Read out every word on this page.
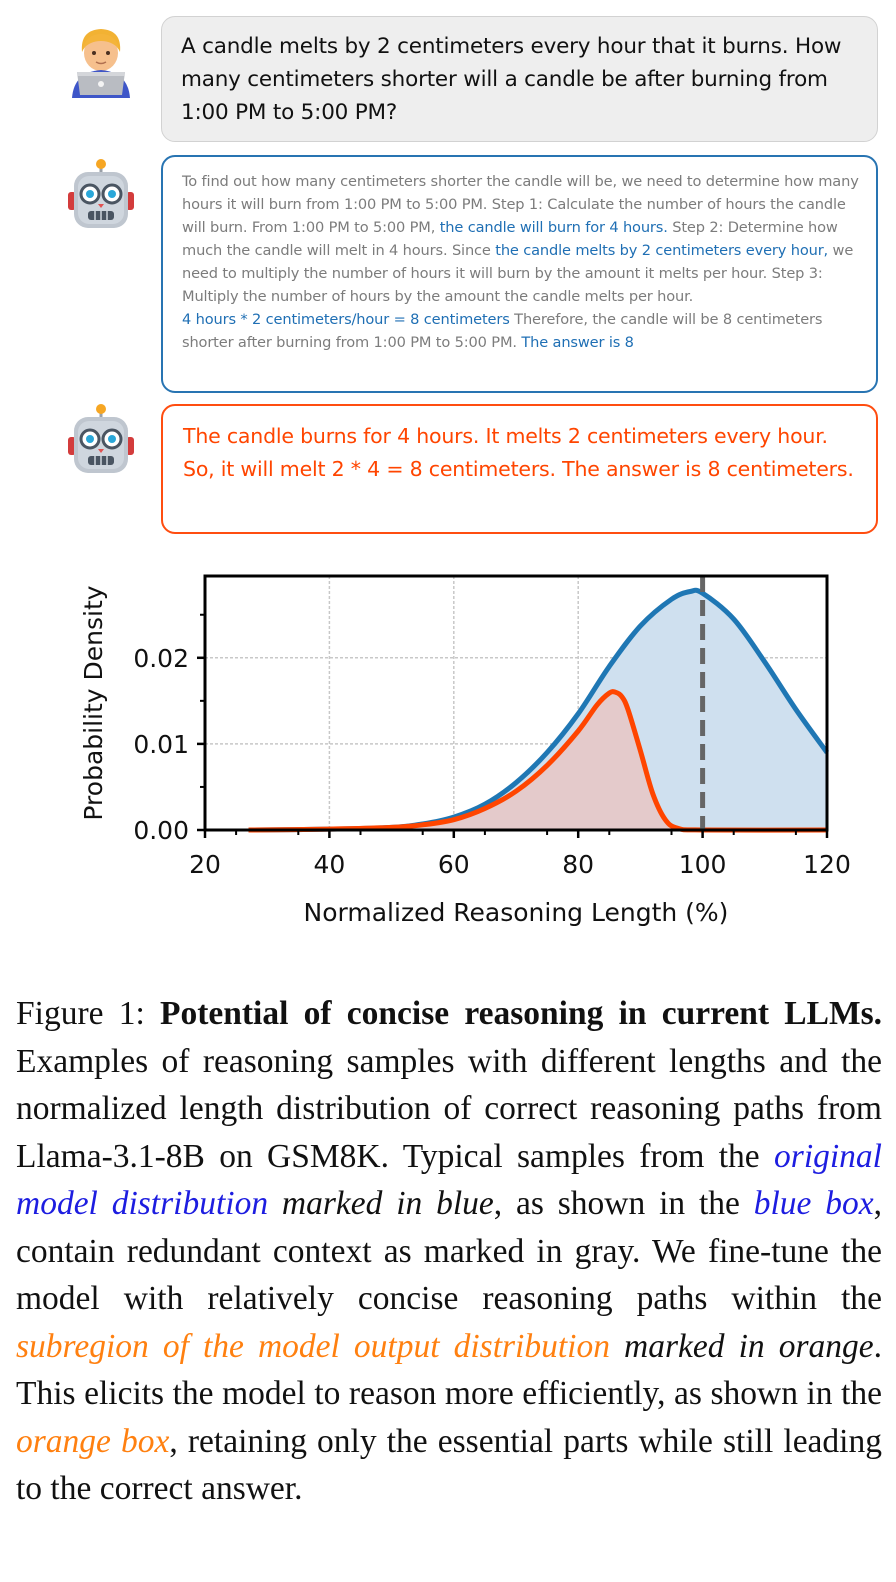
A candle melts by 2 centimeters every hour that it burns. How many centimeters shorter will a candle be after burning from 1:00 PM to 5:00 PM?
To find out how many centimeters shorter the candle will be, we need to determine how many hours it will burn from 1:00 PM to 5:00 PM. Step 1: Calculate the number of hours the candle will burn. From 1:00 PM to 5:00 PM, the candle will burn for 4 hours. Step 2: Determine how much the candle will melt in 4 hours. Since the candle melts by 2 centimeters every hour, we need to multiply the number of hours it will burn by the amount it melts per hour. Step 3: Multiply the number of hours by the amount the candle melts per hour.
4 hours * 2 centimeters/hour = 8 centimeters Therefore, the candle will be 8 centimeters shorter after burning from 1:00 PM to 5:00 PM. The answer is 8
The candle burns for 4 hours. It melts 2 centimeters every hour. So, it will melt 2 * 4 = 8 centimeters. The answer is 8 centimeters.
20	40	60	80	100	120
0.00
0.01
0.02
Normalized Reasoning Length (%)
Probability Density
Figure 1: Potential of concise reasoning in current LLMs. Examples of reasoning samples with different lengths and the normalized length distribution of correct reasoning paths from Llama-3.1-8B on GSM8K. Typical samples from the original model distribution marked in blue, as shown in the blue box, contain redundant context as marked in gray. We fine-tune the model with relatively concise reasoning paths within the subregion of the model output distribution marked in orange. This elicits the model to reason more efficiently, as shown in the orange box, retaining only the essential parts while still leading to the correct answer.
